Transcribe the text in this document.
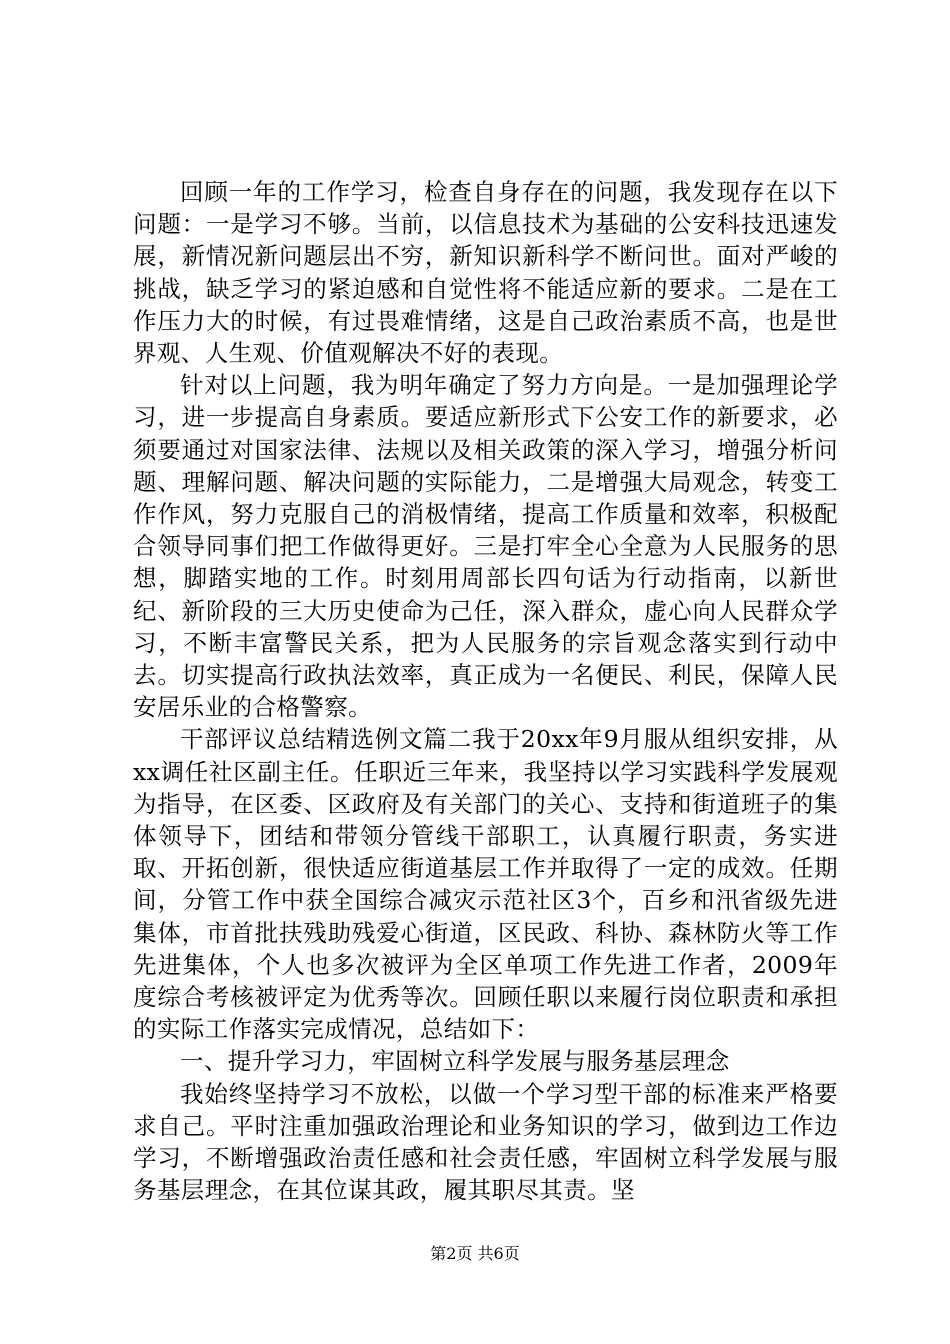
回顾一年的工作学习，检查自身存在的问题，我发现存在以下问题：一是学习不够。当前，以信息技术为基础的公安科技迅速发展，新情况新问题层出不穷，新知识新科学不断问世。面对严峻的挑战，缺乏学习的紧迫感和自觉性将不能适应新的要求。二是在工作压力大的时候，有过畏难情绪，这是自己政治素质不高，也是世界观、人生观、价值观解决不好的表现。

针对以上问题，我为明年确定了努力方向是。一是加强理论学习，进一步提高自身素质。要适应新形式下公安工作的新要求，必须要通过对国家法律、法规以及相关政策的深入学习，增强分析问题、理解问题、解决问题的实际能力，二是增强大局观念，转变工作作风，努力克服自己的消极情绪，提高工作质量和效率，积极配合领导同事们把工作做得更好。三是打牢全心全意为人民服务的思想，脚踏实地的工作。时刻用周部长四句话为行动指南，以新世纪、新阶段的三大历史使命为己任，深入群众，虚心向人民群众学习，不断丰富警民关系，把为人民服务的宗旨观念落实到行动中去。切实提高行政执法效率，真正成为一名便民、利民，保障人民安居乐业的合格警察。

干部评议总结精选例文篇二我于20xx年9月服从组织安排，从xx调任社区副主任。任职近三年来，我坚持以学习实践科学发展观为指导，在区委、区政府及有关部门的关心、支持和街道班子的集体领导下，团结和带领分管线干部职工，认真履行职责，务实进取、开拓创新，很快适应街道基层工作并取得了一定的成效。任期间，分管工作中获全国综合减灾示范社区3个，百乡和汛省级先进集体，市首批扶残助残爱心街道，区民政、科协、森林防火等工作先进集体，个人也多次被评为全区单项工作先进工作者，2009年度综合考核被评定为优秀等次。回顾任职以来履行岗位职责和承担的实际工作落实完成情况，总结如下：

一、提升学习力，牢固树立科学发展与服务基层理念

我始终坚持学习不放松，以做一个学习型干部的标准来严格要求自己。平时注重加强政治理论和业务知识的学习，做到边工作边学习，不断增强政治责任感和社会责任感，牢固树立科学发展与服务基层理念，在其位谋其政，履其职尽其责。坚

第2页 共6页
